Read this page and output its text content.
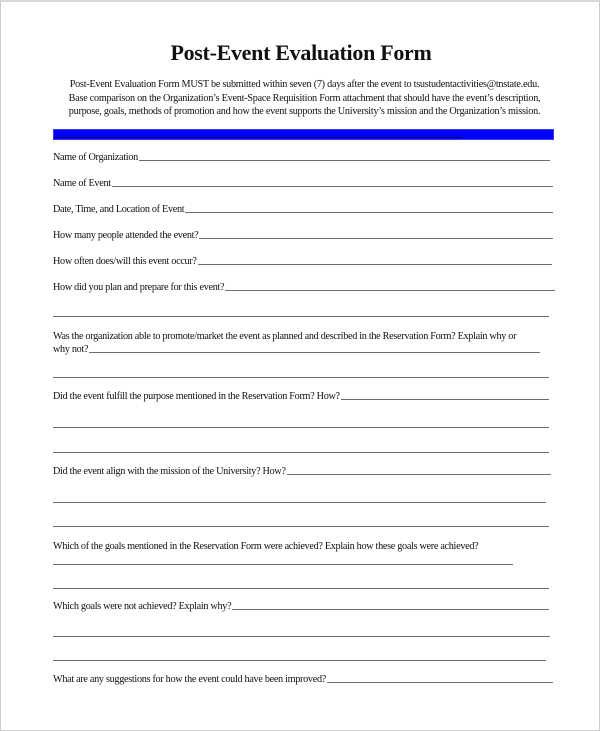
Post-Event Evaluation Form
Post-Event Evaluation Form MUST be submitted within seven (7) days after the event to tsustudentactivities@tnstate.edu.
Base comparison on the Organization’s Event-Space Requisition Form attachment that should have the event’s description,
purpose, goals, methods of promotion and how the event supports the University’s mission and the Organization’s mission.
Name of Organization
Name of Event
Date, Time, and Location of Event
How many people attended the event?
How often does/will this event occur?
How did you plan and prepare for this event?
Was the organization able to promote/market the event as planned and described in the Reservation Form? Explain why or
why not?
Did the event fulfill the purpose mentioned in the Reservation Form? How?
Did the event align with the mission of the University? How?
Which of the goals mentioned in the Reservation Form were achieved? Explain how these goals were achieved?
Which goals were not achieved? Explain why?
What are any suggestions for how the event could have been improved?
